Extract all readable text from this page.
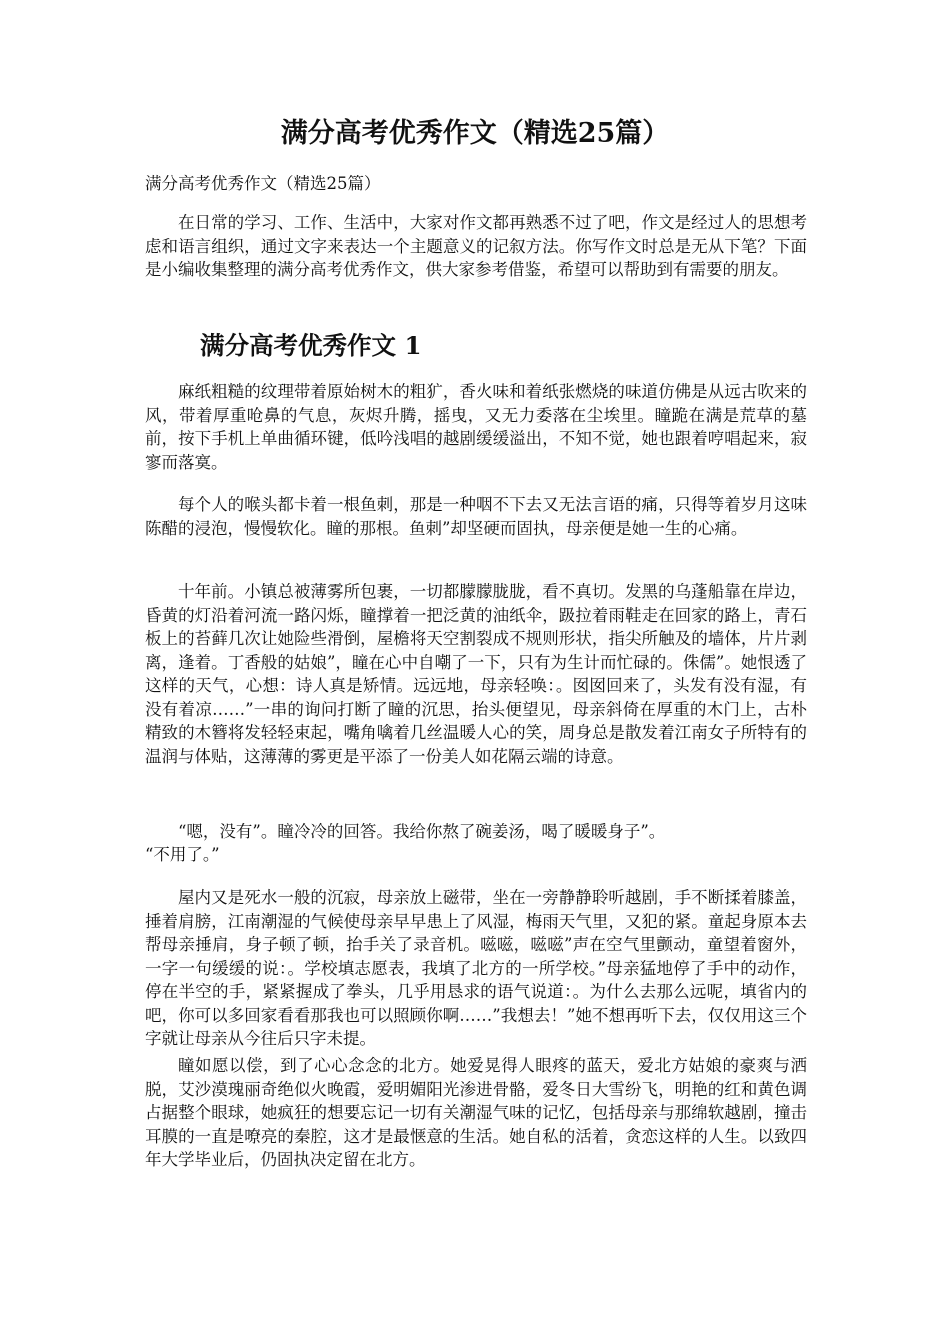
满分高考优秀作文（精选25篇）
满分高考优秀作文（精选25篇）
在日常的学习、工作、生活中，大家对作文都再熟悉不过了吧，作文是经过人的思想考虑和语言组织，通过文字来表达一个主题意义的记叙方法。你写作文时总是无从下笔？下面是小编收集整理的满分高考优秀作文，供大家参考借鉴，希望可以帮助到有需要的朋友。
满分高考优秀作文 1
麻纸粗糙的纹理带着原始树木的粗犷，香火味和着纸张燃烧的味道仿佛是从远古吹来的风，带着厚重呛鼻的气息，灰烬升腾，摇曳，又无力委落在尘埃里。瞳跪在满是荒草的墓前，按下手机上单曲循环键，低吟浅唱的越剧缓缓溢出，不知不觉，她也跟着哼唱起来，寂寥而落寞。
每个人的喉头都卡着一根鱼刺，那是一种咽不下去又无法言语的痛，只得等着岁月这味陈醋的浸泡，慢慢软化。瞳的那根。鱼刺”却坚硬而固执，母亲便是她一生的心痛。
十年前。小镇总被薄雾所包裹，一切都朦朦胧胧，看不真切。发黑的乌蓬船靠在岸边，昏黄的灯沿着河流一路闪烁，瞳撑着一把泛黄的油纸伞，趿拉着雨鞋走在回家的路上，青石板上的苔藓几次让她险些滑倒，屋檐将天空割裂成不规则形状，指尖所触及的墙体，片片剥离，逢着。丁香般的姑娘”，瞳在心中自嘲了一下，只有为生计而忙碌的。侏儒”。她恨透了这样的天气，心想：诗人真是矫情。远远地，母亲轻唤：。囡囡回来了，头发有没有湿，有没有着凉……”一串的询问打断了瞳的沉思，抬头便望见，母亲斜倚在厚重的木门上，古朴精致的木簪将发轻轻束起，嘴角噙着几丝温暖人心的笑，周身总是散发着江南女子所特有的温润与体贴，这薄薄的雾更是平添了一份美人如花隔云端的诗意。
“嗯，没有”。瞳冷冷的回答。我给你熬了碗姜汤，喝了暖暖身子”。
“不用了。”
屋内又是死水一般的沉寂，母亲放上磁带，坐在一旁静静聆听越剧，手不断揉着膝盖，捶着肩膀，江南潮湿的气候使母亲早早患上了风湿，梅雨天气里，又犯的紧。童起身原本去帮母亲捶肩，身子顿了顿，抬手关了录音机。嗞嗞，嗞嗞”声在空气里颤动，童望着窗外，一字一句缓缓的说：。学校填志愿表，我填了北方的一所学校。”母亲猛地停了手中的动作，停在半空的手，紧紧握成了拳头，几乎用恳求的语气说道：。为什么去那么远呢，填省内的吧，你可以多回家看看那我也可以照顾你啊……”我想去！”她不想再听下去，仅仅用这三个字就让母亲从今往后只字未提。
瞳如愿以偿，到了心心念念的北方。她爱晃得人眼疼的蓝天，爱北方姑娘的豪爽与洒脱，艾沙漠瑰丽奇绝似火晚霞，爱明媚阳光渗进骨骼，爱冬日大雪纷飞，明艳的红和黄色调占据整个眼球，她疯狂的想要忘记一切有关潮湿气味的记忆，包括母亲与那绵软越剧，撞击耳膜的一直是嘹亮的秦腔，这才是最惬意的生活。她自私的活着，贪恋这样的人生。以致四年大学毕业后，仍固执决定留在北方。
